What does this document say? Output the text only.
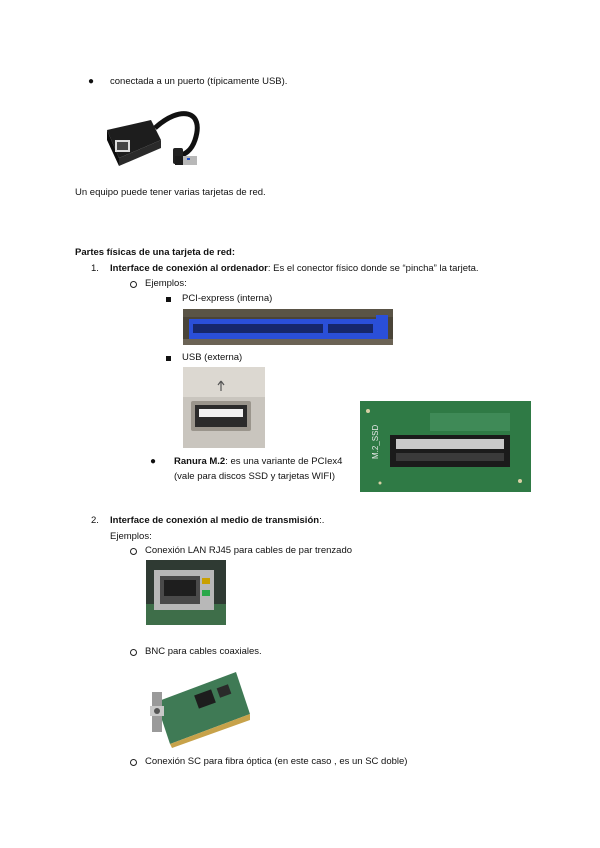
● conectada a un puerto (típicamente USB).
Un equipo puede tener varias tarjetas de red.
Partes físicas de una tarjeta de red:
1. Interface de conexión al ordenador: Es el conector físico donde se “pincha” la tarjeta.
Ejemplos:
PCI-express (interna)
USB (externa)
M.2_SSD
● Ranura M.2: es una variante de PCIex4
(vale para discos SSD y tarjetas WIFI)
2. Interface de conexión al medio de transmisión:.
Ejemplos:
Conexión LAN RJ45 para cables de par trenzado
BNC para cables coaxiales.
Conexión SC para fibra óptica (en este caso , es un SC doble)
